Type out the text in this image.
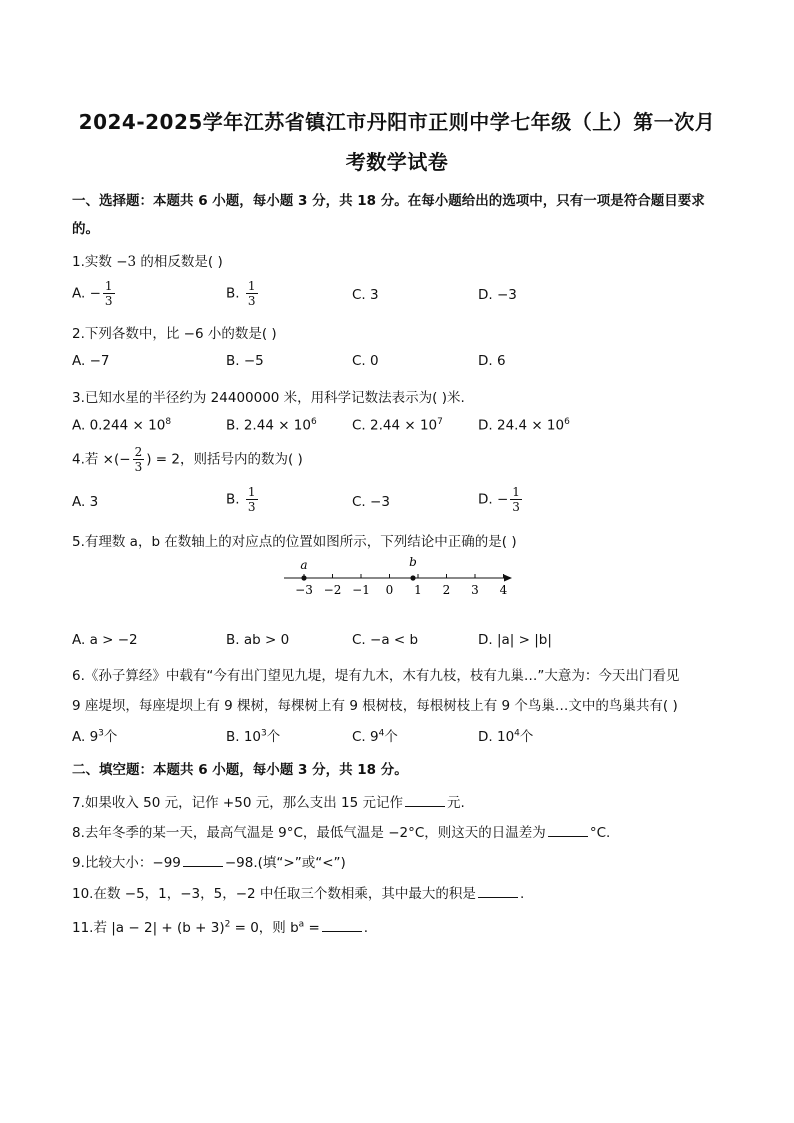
2024-2025学年江苏省镇江市丹阳市正则中学七年级（上）第一次月
考数学试卷
一、选择题：本题共 6 小题，每小题 3 分，共 18 分。在每小题给出的选项中，只有一项是符合题目要求
的。
1.实数 −3 的相反数是( )
A. − $\frac{1}{3}$	B. $\frac{1}{3}$	C. 3	D. −3
2.下列各数中，比 −6 小的数是( )
A. −7	B. −5	C. 0	D. 6
3.已知水星的半径约为 24400000 米，用科学记数法表示为( )米.
A. $0.244 \times 10^8$	B. $2.44 \times 10^6$	C. $2.44 \times 10^7$	D. $24.4 \times 10^6$
4.若 ×(− $\frac{2}{3}$ ) = 2，则括号内的数为( )
A. 3	B. $\frac{1}{3}$	C. −3	D. − $\frac{1}{3}$
5.有理数 a，b 在数轴上的对应点的位置如图所示，下列结论中正确的是( )
−3 −2 −1 0 1 2 3 4
a	b
A. a > −2	B. ab > 0	C. −a < b	D. |a| > |b|
6.《孙子算经》中载有“今有出门望见九堤，堤有九木，木有九枝，枝有九巢…”大意为：今天出门看见
9 座堤坝，每座堤坝上有 9 棵树，每棵树上有 9 根树枝，每根树枝上有 9 个鸟巢…文中的鸟巢共有( )
A. $9^3$个	B. $10^3$个	C. $9^4$个	D. $10^4$个
二、填空题：本题共 6 小题，每小题 3 分，共 18 分。
7.如果收入 50 元，记作 +50 元，那么支出 15 元记作	元.
8.去年冬季的某一天，最高气温是 9°C，最低气温是 −2°C，则这天的日温差为	°C.
9.比较大小：−99	−98.(填“>”或“<”)
10.在数 −5，1，−3，5，−2 中任取三个数相乘，其中最大的积是	.
11.若 $|a - 2| + (b + 3)^2 = 0$，则 $b^a$ =	.
